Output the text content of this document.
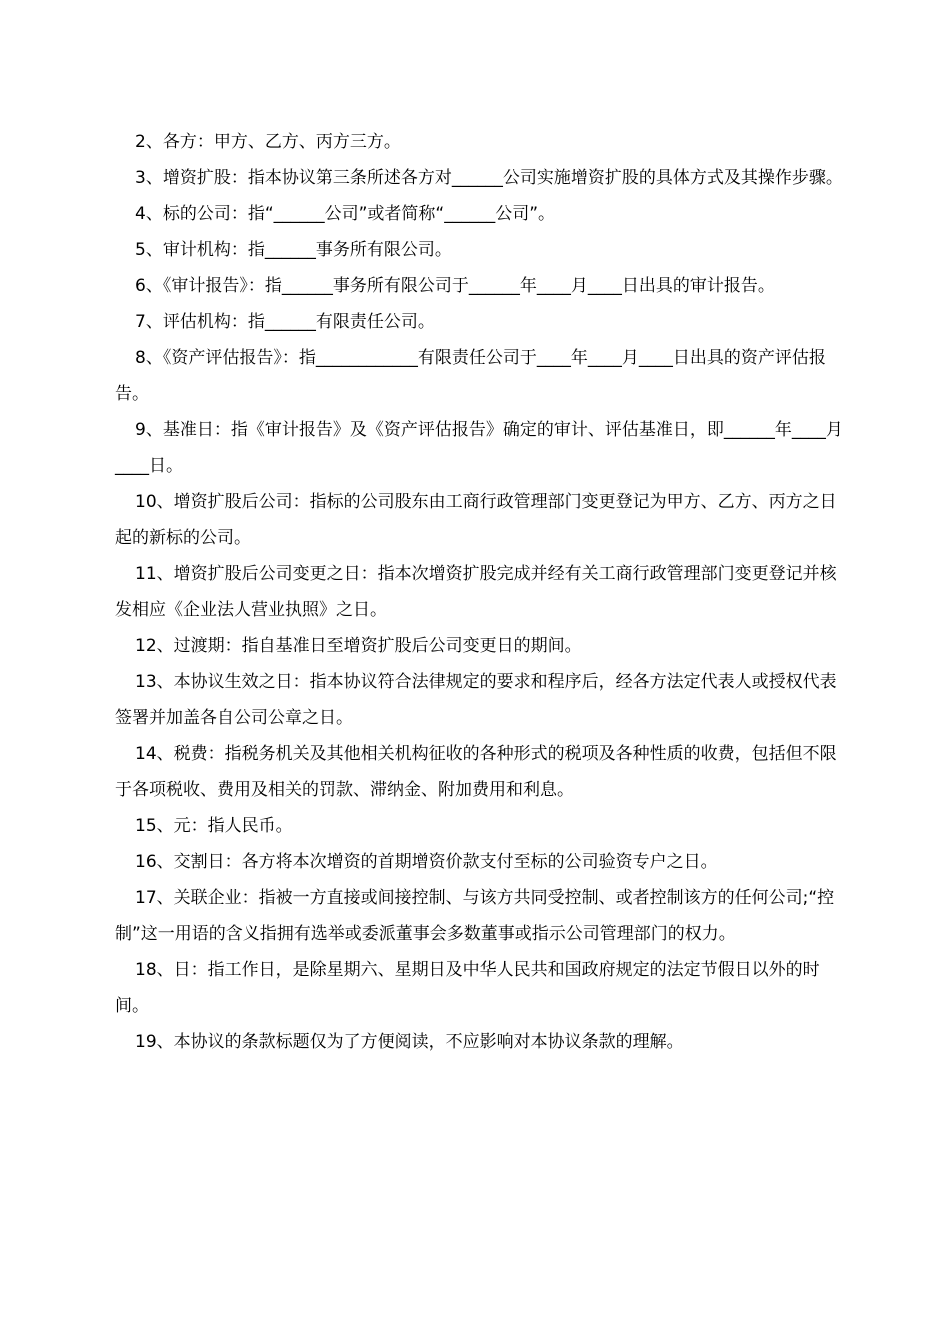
2、各方：甲方、乙方、丙方三方。

3、增资扩股：指本协议第三条所述各方对______公司实施增资扩股的具体方式及其操作步骤。

4、标的公司：指“______公司”或者简称“______公司”。

5、审计机构：指______事务所有限公司。

6、《审计报告》：指______事务所有限公司于______年____月____日出具的审计报告。

7、评估机构：指______有限责任公司。

8、《资产评估报告》：指____________有限责任公司于____年____月____日出具的资产评估报告。

9、基准日：指《审计报告》及《资产评估报告》确定的审计、评估基准日，即______年____月____日。

10、增资扩股后公司：指标的公司股东由工商行政管理部门变更登记为甲方、乙方、丙方之日起的新标的公司。

11、增资扩股后公司变更之日：指本次增资扩股完成并经有关工商行政管理部门变更登记并核发相应《企业法人营业执照》之日。

12、过渡期：指自基准日至增资扩股后公司变更日的期间。

13、本协议生效之日：指本协议符合法律规定的要求和程序后，经各方法定代表人或授权代表签署并加盖各自公司公章之日。

14、税费：指税务机关及其他相关机构征收的各种形式的税项及各种性质的收费，包括但不限于各项税收、费用及相关的罚款、滞纳金、附加费用和利息。

15、元：指人民币。

16、交割日：各方将本次增资的首期增资价款支付至标的公司验资专户之日。

17、关联企业：指被一方直接或间接控制、与该方共同受控制、或者控制该方的任何公司;“控制”这一用语的含义指拥有选举或委派董事会多数董事或指示公司管理部门的权力。

18、日：指工作日，是除星期六、星期日及中华人民共和国政府规定的法定节假日以外的时间。

19、本协议的条款标题仅为了方便阅读，不应影响对本协议条款的理解。
